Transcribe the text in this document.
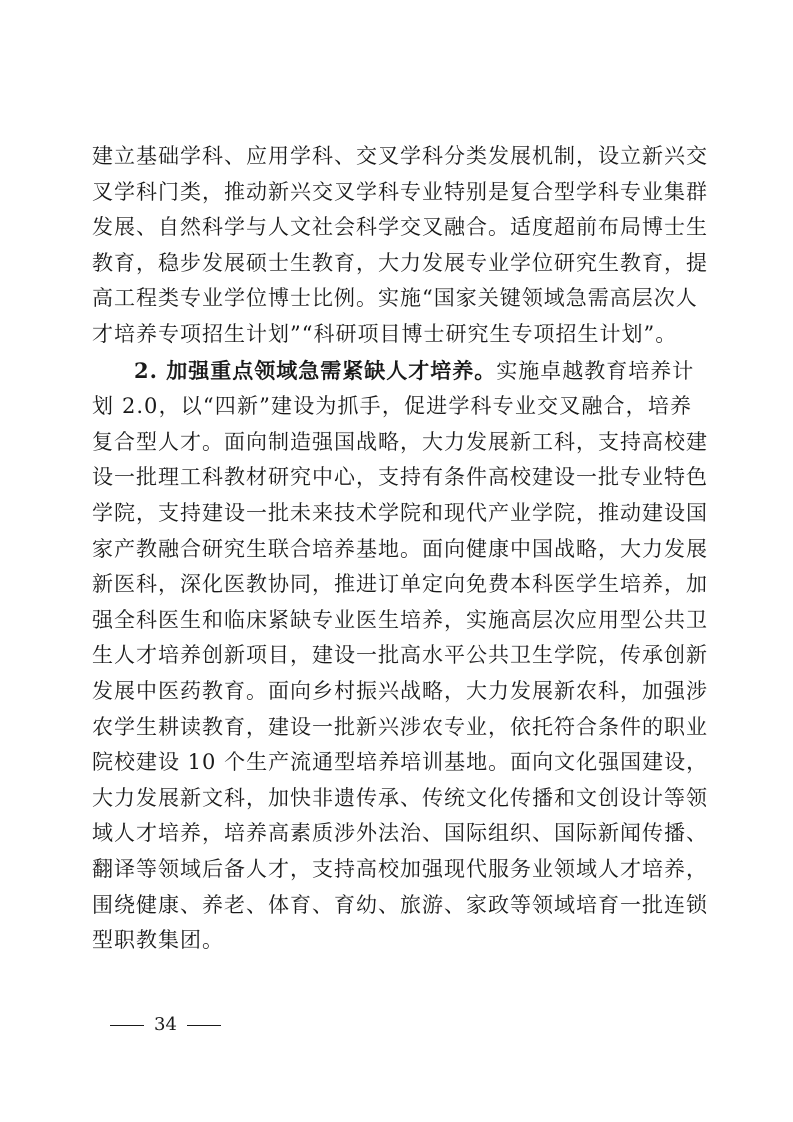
建立基础学科、应用学科、交叉学科分类发展机制，设立新兴交
叉学科门类，推动新兴交叉学科专业特别是复合型学科专业集群
发展、自然科学与人文社会科学交叉融合。适度超前布局博士生
教育，稳步发展硕士生教育，大力发展专业学位研究生教育，提
高工程类专业学位博士比例。实施“国家关键领域急需高层次人
才培养专项招生计划”“科研项目博士研究生专项招生计划”。
2. 加强重点领域急需紧缺人才培养。实施卓越教育培养计
34
划 2.0，以“四新”建设为抓手，促进学科专业交叉融合，培养
复合型人才。面向制造强国战略，大力发展新工科，支持高校建
设一批理工科教材研究中心，支持有条件高校建设一批专业特色
学院，支持建设一批未来技术学院和现代产业学院，推动建设国
家产教融合研究生联合培养基地。面向健康中国战略，大力发展
新医科，深化医教协同，推进订单定向免费本科医学生培养，加
强全科医生和临床紧缺专业医生培养，实施高层次应用型公共卫
生人才培养创新项目，建设一批高水平公共卫生学院，传承创新
发展中医药教育。面向乡村振兴战略，大力发展新农科，加强涉
农学生耕读教育，建设一批新兴涉农专业，依托符合条件的职业
院校建设 10 个生产流通型培养培训基地。面向文化强国建设，
大力发展新文科，加快非遗传承、传统文化传播和文创设计等领
域人才培养，培养高素质涉外法治、国际组织、国际新闻传播、
翻译等领域后备人才，支持高校加强现代服务业领域人才培养，
围绕健康、养老、体育、育幼、旅游、家政等领域培育一批连锁
型职教集团。
